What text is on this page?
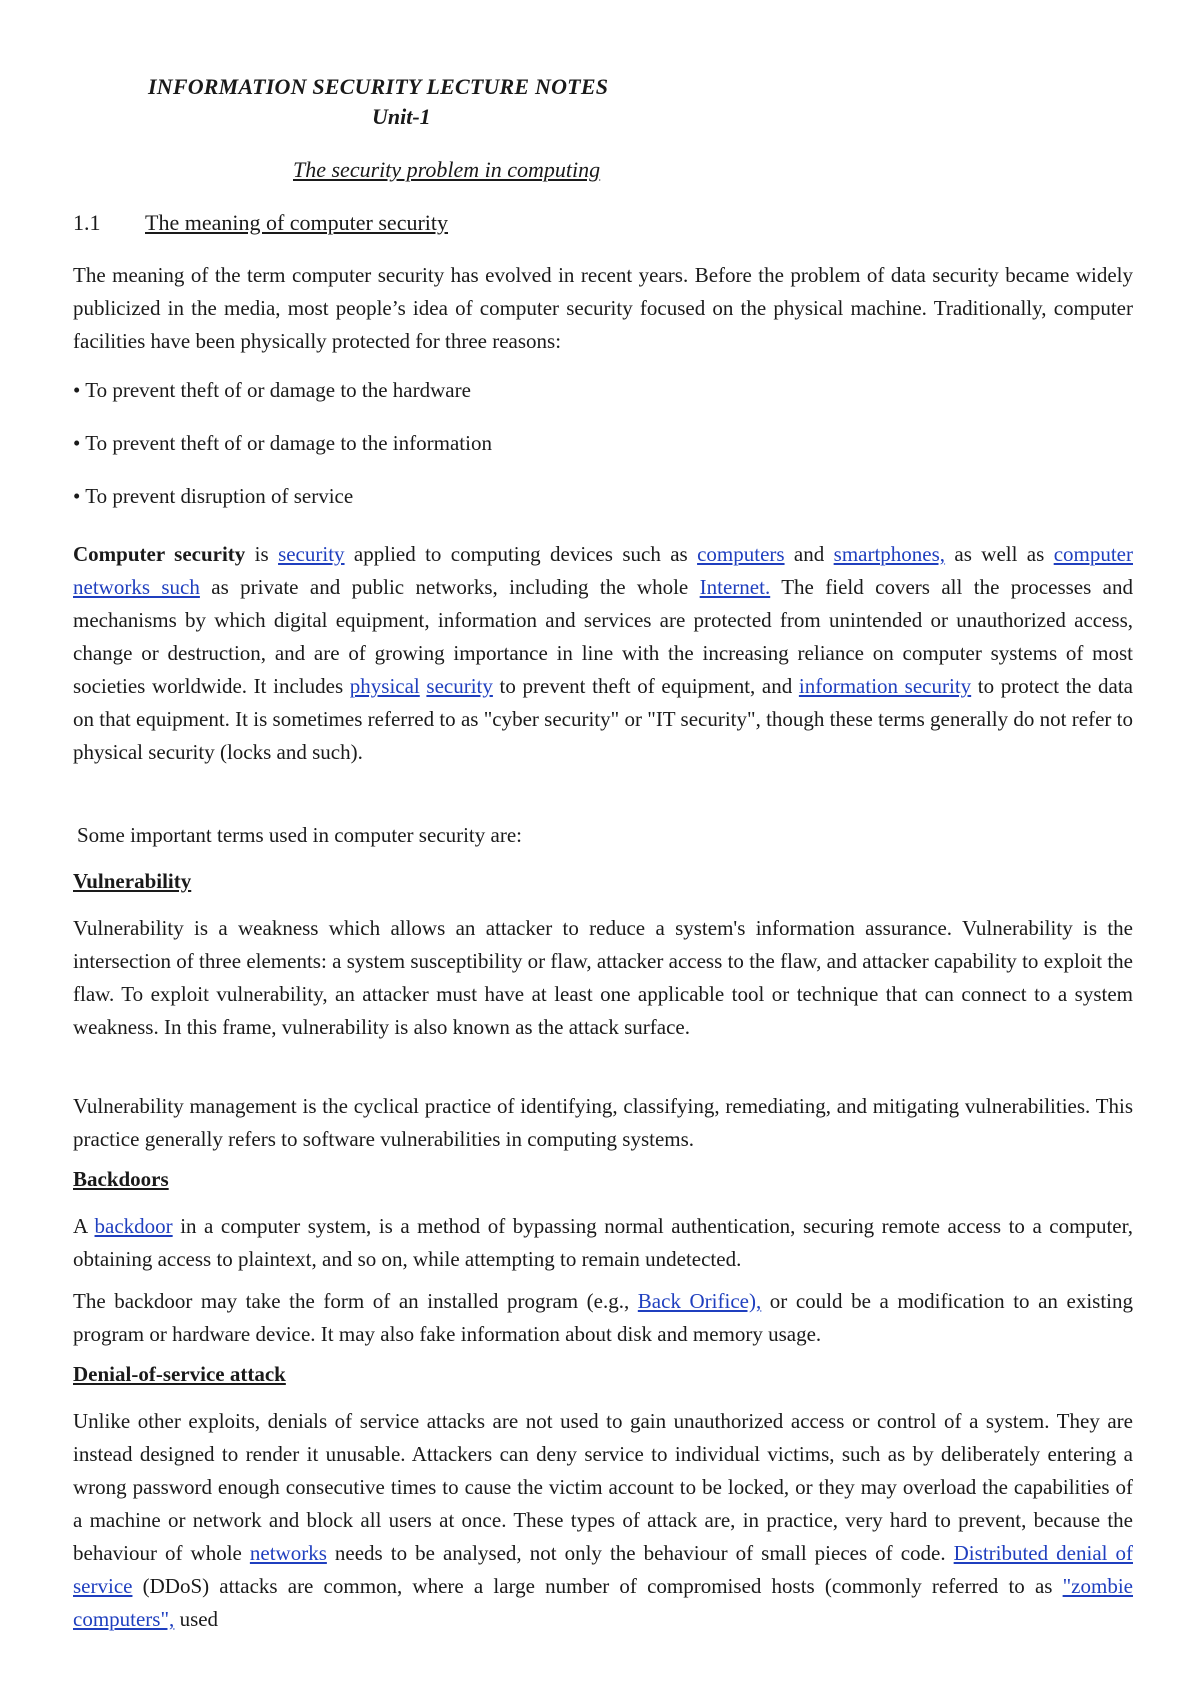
INFORMATION SECURITY LECTURE NOTES
Unit-1
The security problem in computing
1.1 The meaning of computer security

The meaning of the term computer security has evolved in recent years. Before the problem of data security became widely publicized in the media, most people’s idea of computer security focused on the physical machine. Traditionally, computer facilities have been physically protected for three reasons:

• To prevent theft of or damage to the hardware
• To prevent theft of or damage to the information
• To prevent disruption of service

Computer security is security applied to computing devices such as computers and smartphones, as well as computer networks such as private and public networks, including the whole Internet. The field covers all the processes and mechanisms by which digital equipment, information and services are protected from unintended or unauthorized access, change or destruction, and are of growing importance in line with the increasing reliance on computer systems of most societies worldwide. It includes physical security to prevent theft of equipment, and information security to protect the data on that equipment. It is sometimes referred to as "cyber security" or "IT security", though these terms generally do not refer to physical security (locks and such).

Some important terms used in computer security are:

Vulnerability

Vulnerability is a weakness which allows an attacker to reduce a system's information assurance. Vulnerability is the intersection of three elements: a system susceptibility or flaw, attacker access to the flaw, and attacker capability to exploit the flaw. To exploit vulnerability, an attacker must have at least one applicable tool or technique that can connect to a system weakness. In this frame, vulnerability is also known as the attack surface.

Vulnerability management is the cyclical practice of identifying, classifying, remediating, and mitigating vulnerabilities. This practice generally refers to software vulnerabilities in computing systems.

Backdoors

A backdoor in a computer system, is a method of bypassing normal authentication, securing remote access to a computer, obtaining access to plaintext, and so on, while attempting to remain undetected.

The backdoor may take the form of an installed program (e.g., Back Orifice), or could be a modification to an existing program or hardware device. It may also fake information about disk and memory usage.

Denial-of-service attack

Unlike other exploits, denials of service attacks are not used to gain unauthorized access or control of a system. They are instead designed to render it unusable. Attackers can deny service to individual victims, such as by deliberately entering a wrong password enough consecutive times to cause the victim account to be locked, or they may overload the capabilities of a machine or network and block all users at once. These types of attack are, in practice, very hard to prevent, because the behaviour of whole networks needs to be analysed, not only the behaviour of small pieces of code. Distributed denial of service (DDoS) attacks are common, where a large number of compromised hosts (commonly referred to as "zombie computers", used
